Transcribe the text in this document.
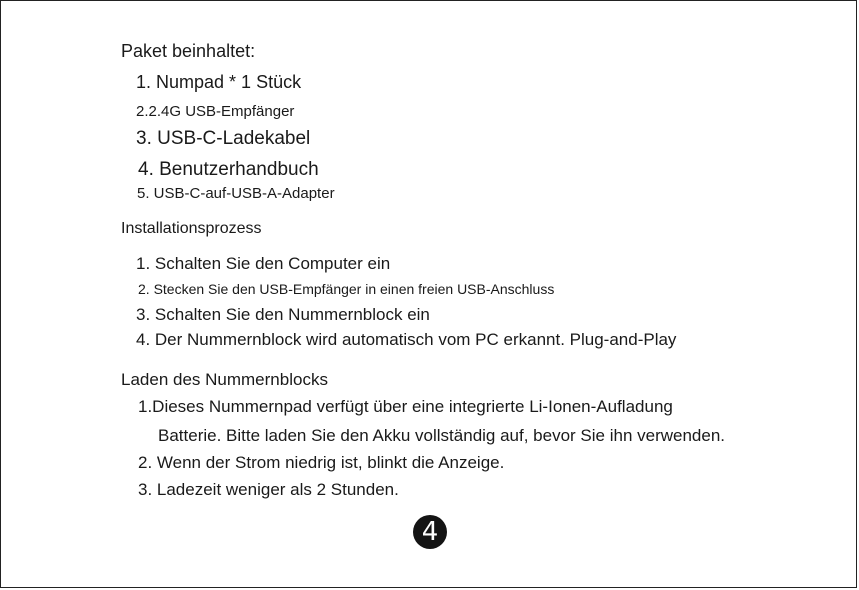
Paket beinhaltet:
1. Numpad * 1 Stück
2.2.4G USB-Empfänger
3. USB-C-Ladekabel
4. Benutzerhandbuch
5. USB-C-auf-USB-A-Adapter
Installationsprozess
1. Schalten Sie den Computer ein
2. Stecken Sie den USB-Empfänger in einen freien USB-Anschluss
3. Schalten Sie den Nummernblock ein
4. Der Nummernblock wird automatisch vom PC erkannt. Plug-and-Play
Laden des Nummernblocks
1.Dieses Nummernpad verfügt über eine integrierte Li-Ionen-Aufladung
Batterie. Bitte laden Sie den Akku vollständig auf, bevor Sie ihn verwenden.
2. Wenn der Strom niedrig ist, blinkt die Anzeige.
3. Ladezeit weniger als 2 Stunden.
4
